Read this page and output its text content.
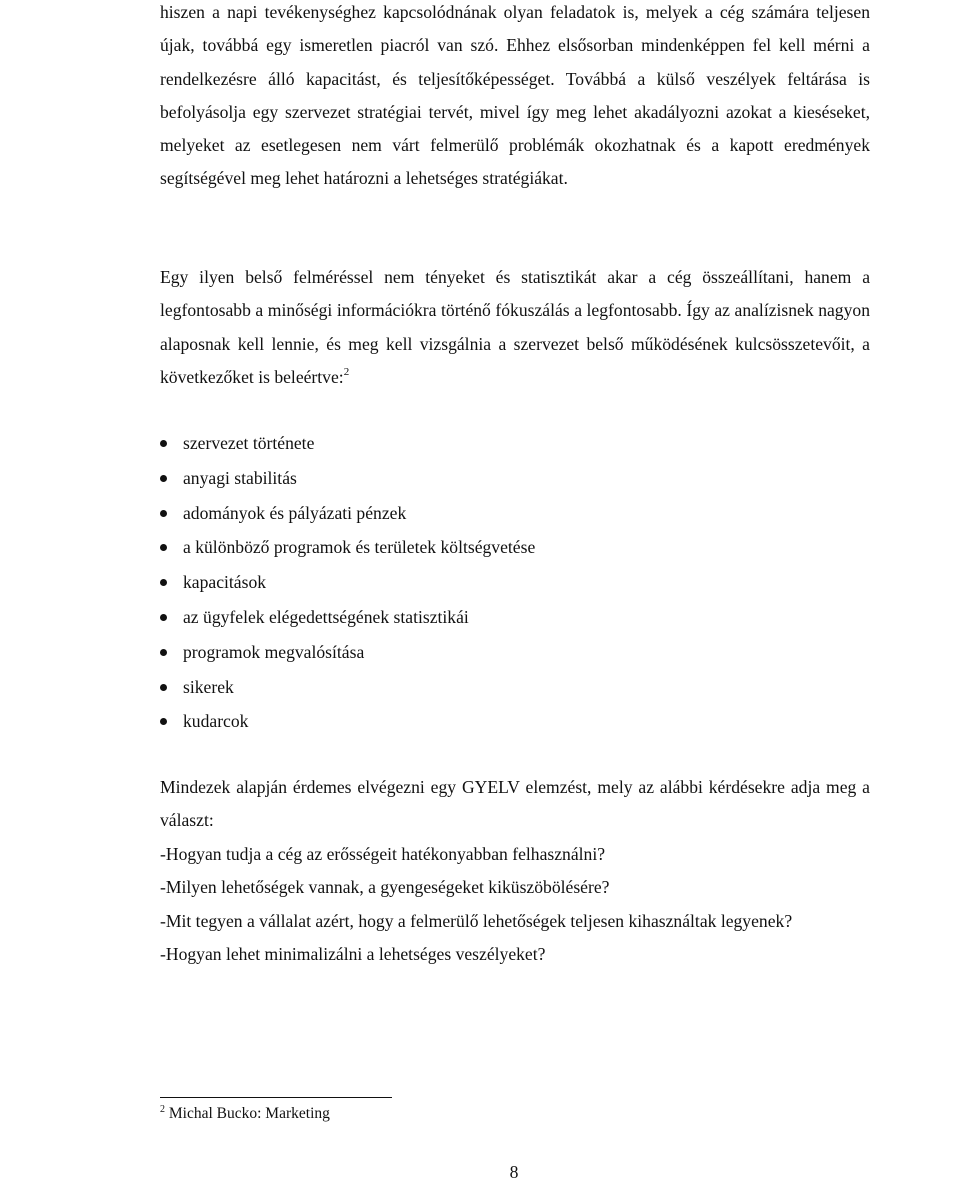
hiszen a napi tevékenységhez kapcsolódnának olyan feladatok is, melyek a cég számára teljesen újak, továbbá egy ismeretlen piacról van szó. Ehhez elsősorban mindenképpen fel kell mérni a rendelkezésre álló kapacitást, és teljesítőképességet. Továbbá a külső veszélyek feltárása is befolyásolja egy szervezet stratégiai tervét, mivel így meg lehet akadályozni azokat a kieséseket, melyeket az esetlegesen nem várt felmerülő problémák okozhatnak és a kapott eredmények segítségével meg lehet határozni a lehetséges stratégiákat.

Egy ilyen belső felméréssel nem tényeket és statisztikát akar a cég összeállítani, hanem a legfontosabb a minőségi információkra történő fókuszálás a legfontosabb. Így az analízisnek nagyon alaposnak kell lennie, és meg kell vizsgálnia a szervezet belső működésének kulcsösszetevőit, a következőket is beleértve:$^2$

szervezet története
anyagi stabilitás
adományok és pályázati pénzek
a különböző programok és területek költségvetése
kapacitások
az ügyfelek elégedettségének statisztikái
programok megvalósítása
sikerek
kudarcok

Mindezek alapján érdemes elvégezni egy GYELV elemzést, mely az alábbi kérdésekre adja meg a választ:

-Hogyan tudja a cég az erősségeit hatékonyabban felhasználni?
-Milyen lehetőségek vannak, a gyengeségeket kiküszöbölésére?
-Mit tegyen a vállalat azért, hogy a felmerülő lehetőségek teljesen kihasználtak legyenek?
-Hogyan lehet minimalizálni a lehetséges veszélyeket?
$^2$ Michal Bucko: Marketing
8
